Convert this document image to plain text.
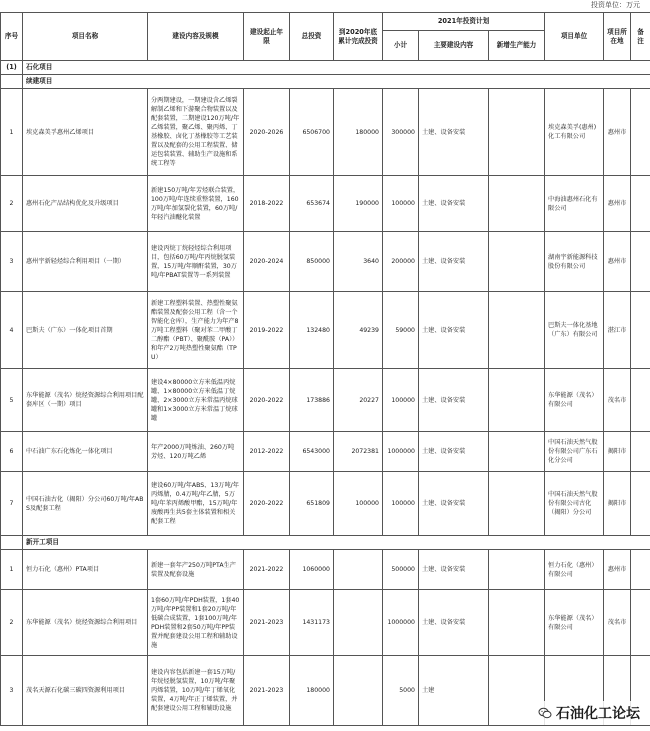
投资单位：万元
序号	项目名称	建设内容及规模	建设起止年限	总投资	到2020年底累计完成投资	2021年投资计划			项目单位	项目所在地	备注
						小计	主要建设内容	新增生产能力			
(1)	石化项目										
	续建项目										
1	埃克森美孚惠州乙烯项目	分两期建设，一期建设含乙烯裂解制乙烯和下游聚合物装置以及配套装置，二期建设120万吨/年乙烯装置，聚乙烯、聚丙烯、丁基橡胶、卤化丁基橡胶等工艺装置以及配套的公用工程装置、储运包装装置、辅助生产设施和系统工程等	2020-2026	6506700	180000	300000	土建、设备安装		埃克森美孚(惠州)化工有限公司	惠州市	
2	惠州石化产品结构优化及升级项目	新建150万吨/年芳烃联合装置，100万吨/年连续重整装置，160万吨/年加氢裂化装置，60万吨/年轻汽油醚化装置	2018-2022	653674	190000	100000	土建、设备安装		中海油惠州石化有限公司	惠州市	
3	惠州宇新轻烃综合利用项目（一期）	建设丙烷丁烷轻烃综合利用项目，包括60万吨/年丙烷脱氢装置，15万吨/年顺酐装置，30万吨/年PBAT装置等一系列装置	2020-2024	850000	3640	200000	土建、设备安装		湖南宇新能源科技股份有限公司	惠州市	
4	巴斯夫（广东）一体化项目首期	新建工程塑料装置、热塑性聚氨酯装置及配套公用工程（含一个智能化仓库），生产能力为年产8万吨工程塑料（聚对苯二甲酸丁二醇酯（PBT）、聚酰胺（PA））和年产2万吨热塑性聚氨酯（TPU）	2019-2022	132480	49239	59000	土建、设备安装		巴斯夫一体化基地（广东）有限公司	湛江市	
5	东华能源（茂名）烷烃资源综合利用项目配套库区（一期）项目	建设4×80000立方米低温丙烷罐、1×80000立方米低温丁烷罐、2×3000立方米常温丙烷球罐和1×3000立方米常温丁烷球罐	2020-2022	173886	20227	100000	土建、设备安装		东华能源（茂名）有限公司	茂名市	
6	中石油广东石化炼化一体化项目	年产2000万吨炼油、260万吨芳烃、120万吨乙烯	2012-2022	6543000	2072381	1000000	土建、设备安装		中国石油天然气股份有限公司广东石化分公司	揭阳市	
7	中国石油古化（揭阳）分公司60万吨/年ABS及配套工程	建设60万吨/年ABS、13万吨/年丙烯腈，0.4万吨/年乙腈，5万吨/年苯丙烯酸甲酯，15万吨/年废酸再生共5套主体装置和相关配套工程	2020-2022	651809	100000	100000	土建、设备安装		中国石油天然气股份有限公司古化（揭阳）分公司	揭阳市	
	新开工项目										
1	恒力石化（惠州）PTA项目	新建一套年产250万吨PTA生产装置及配套设施	2021-2022	1060000		500000	土建、设备安装		恒力石化（惠州）有限公司	惠州市	
2	东华能源（茂名）烷烃资源综合利用项目	1套60万吨/年PDH装置，1套40万吨/年PP装置和1套20万吨/年低碳合成装置，1套100万吨/年PDH装置和2套50万吨/年PP装置并配套建设公用工程和辅助设施	2021-2023	1431173		1000000	土建、设备安装		东华能源（茂名）有限公司	茂名市	
3	茂名天源石化碳三碳四资源利用项目	建设内容包括新建一套15万吨/年烷烃脱氢装置，10万吨/年聚丙烯装置，10万吨/年丁烯氧化装置，4万吨/年正丁烯装置，并配套建设公用工程和辅助设施	2021-2023	180000		5000	土建				
石油化工论坛
